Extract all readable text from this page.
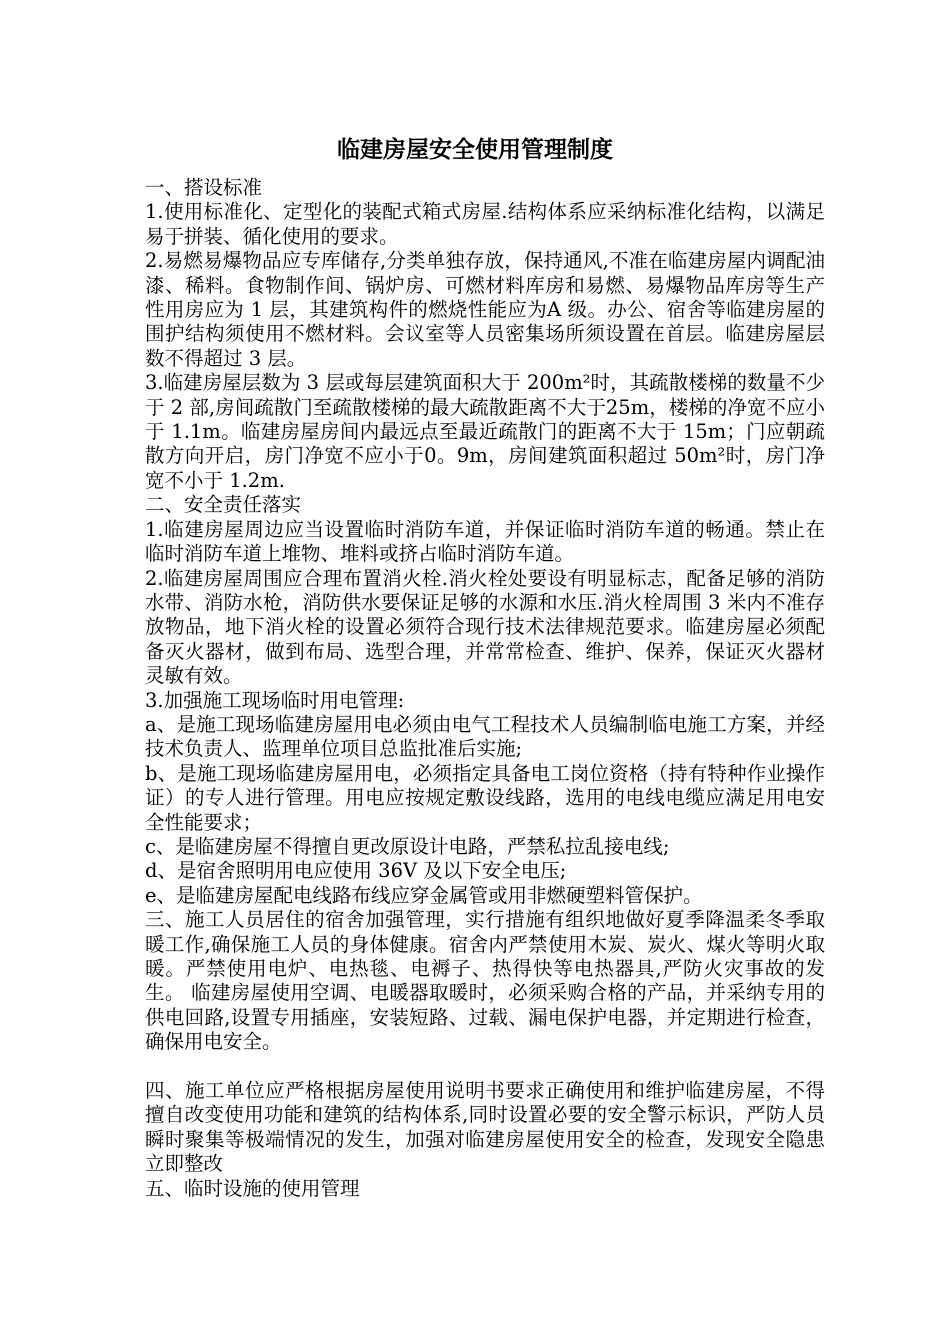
临建房屋安全使用管理制度

一、搭设标准

1.使用标准化、定型化的装配式箱式房屋.结构体系应采纳标准化结构，以满足易于拼装、循化使用的要求。

2.易燃易爆物品应专库储存,分类单独存放，保持通风,不准在临建房屋内调配油漆、稀料。食物制作间、锅炉房、可燃材料库房和易燃、易爆物品库房等生产性用房应为 1 层，其建筑构件的燃烧性能应为A 级。办公、宿舍等临建房屋的围护结构须使用不燃材料。会议室等人员密集场所须设置在首层。临建房屋层数不得超过 3 层。

3.临建房屋层数为 3 层或每层建筑面积大于 200m²时，其疏散楼梯的数量不少于 2 部,房间疏散门至疏散楼梯的最大疏散距离不大于25m，楼梯的净宽不应小于 1.1m。临建房屋房间内最远点至最近疏散门的距离不大于 15m；门应朝疏散方向开启，房门净宽不应小于0。9m，房间建筑面积超过 50m²时，房门净宽不小于 1.2m.

二、安全责任落实

1.临建房屋周边应当设置临时消防车道，并保证临时消防车道的畅通。禁止在临时消防车道上堆物、堆料或挤占临时消防车道。

2.临建房屋周围应合理布置消火栓.消火栓处要设有明显标志，配备足够的消防水带、消防水枪，消防供水要保证足够的水源和水压.消火栓周围 3 米内不准存放物品，地下消火栓的设置必须符合现行技术法律规范要求。临建房屋必须配备灭火器材，做到布局、选型合理，并常常检查、维护、保养，保证灭火器材灵敏有效。

3.加强施工现场临时用电管理:

a、是施工现场临建房屋用电必须由电气工程技术人员编制临电施工方案，并经技术负责人、监理单位项目总监批准后实施;

b、是施工现场临建房屋用电，必须指定具备电工岗位资格（持有特种作业操作证）的专人进行管理。用电应按规定敷设线路，选用的电线电缆应满足用电安全性能要求；

c、是临建房屋不得擅自更改原设计电路，严禁私拉乱接电线;

d、是宿舍照明用电应使用 36V 及以下安全电压;

e、是临建房屋配电线路布线应穿金属管或用非燃硬塑料管保护。

三、施工人员居住的宿舍加强管理，实行措施有组织地做好夏季降温柔冬季取暖工作,确保施工人员的身体健康。宿舍内严禁使用木炭、炭火、煤火等明火取暖。严禁使用电炉、电热毯、电褥子、热得快等电热器具,严防火灾事故的发生。 临建房屋使用空调、电暖器取暖时，必须采购合格的产品，并采纳专用的供电回路,设置专用插座，安装短路、过载、漏电保护电器，并定期进行检查，确保用电安全。

四、施工单位应严格根据房屋使用说明书要求正确使用和维护临建房屋，不得擅自改变使用功能和建筑的结构体系,同时设置必要的安全警示标识，严防人员瞬时聚集等极端情况的发生，加强对临建房屋使用安全的检查，发现安全隐患立即整改

五、临时设施的使用管理
